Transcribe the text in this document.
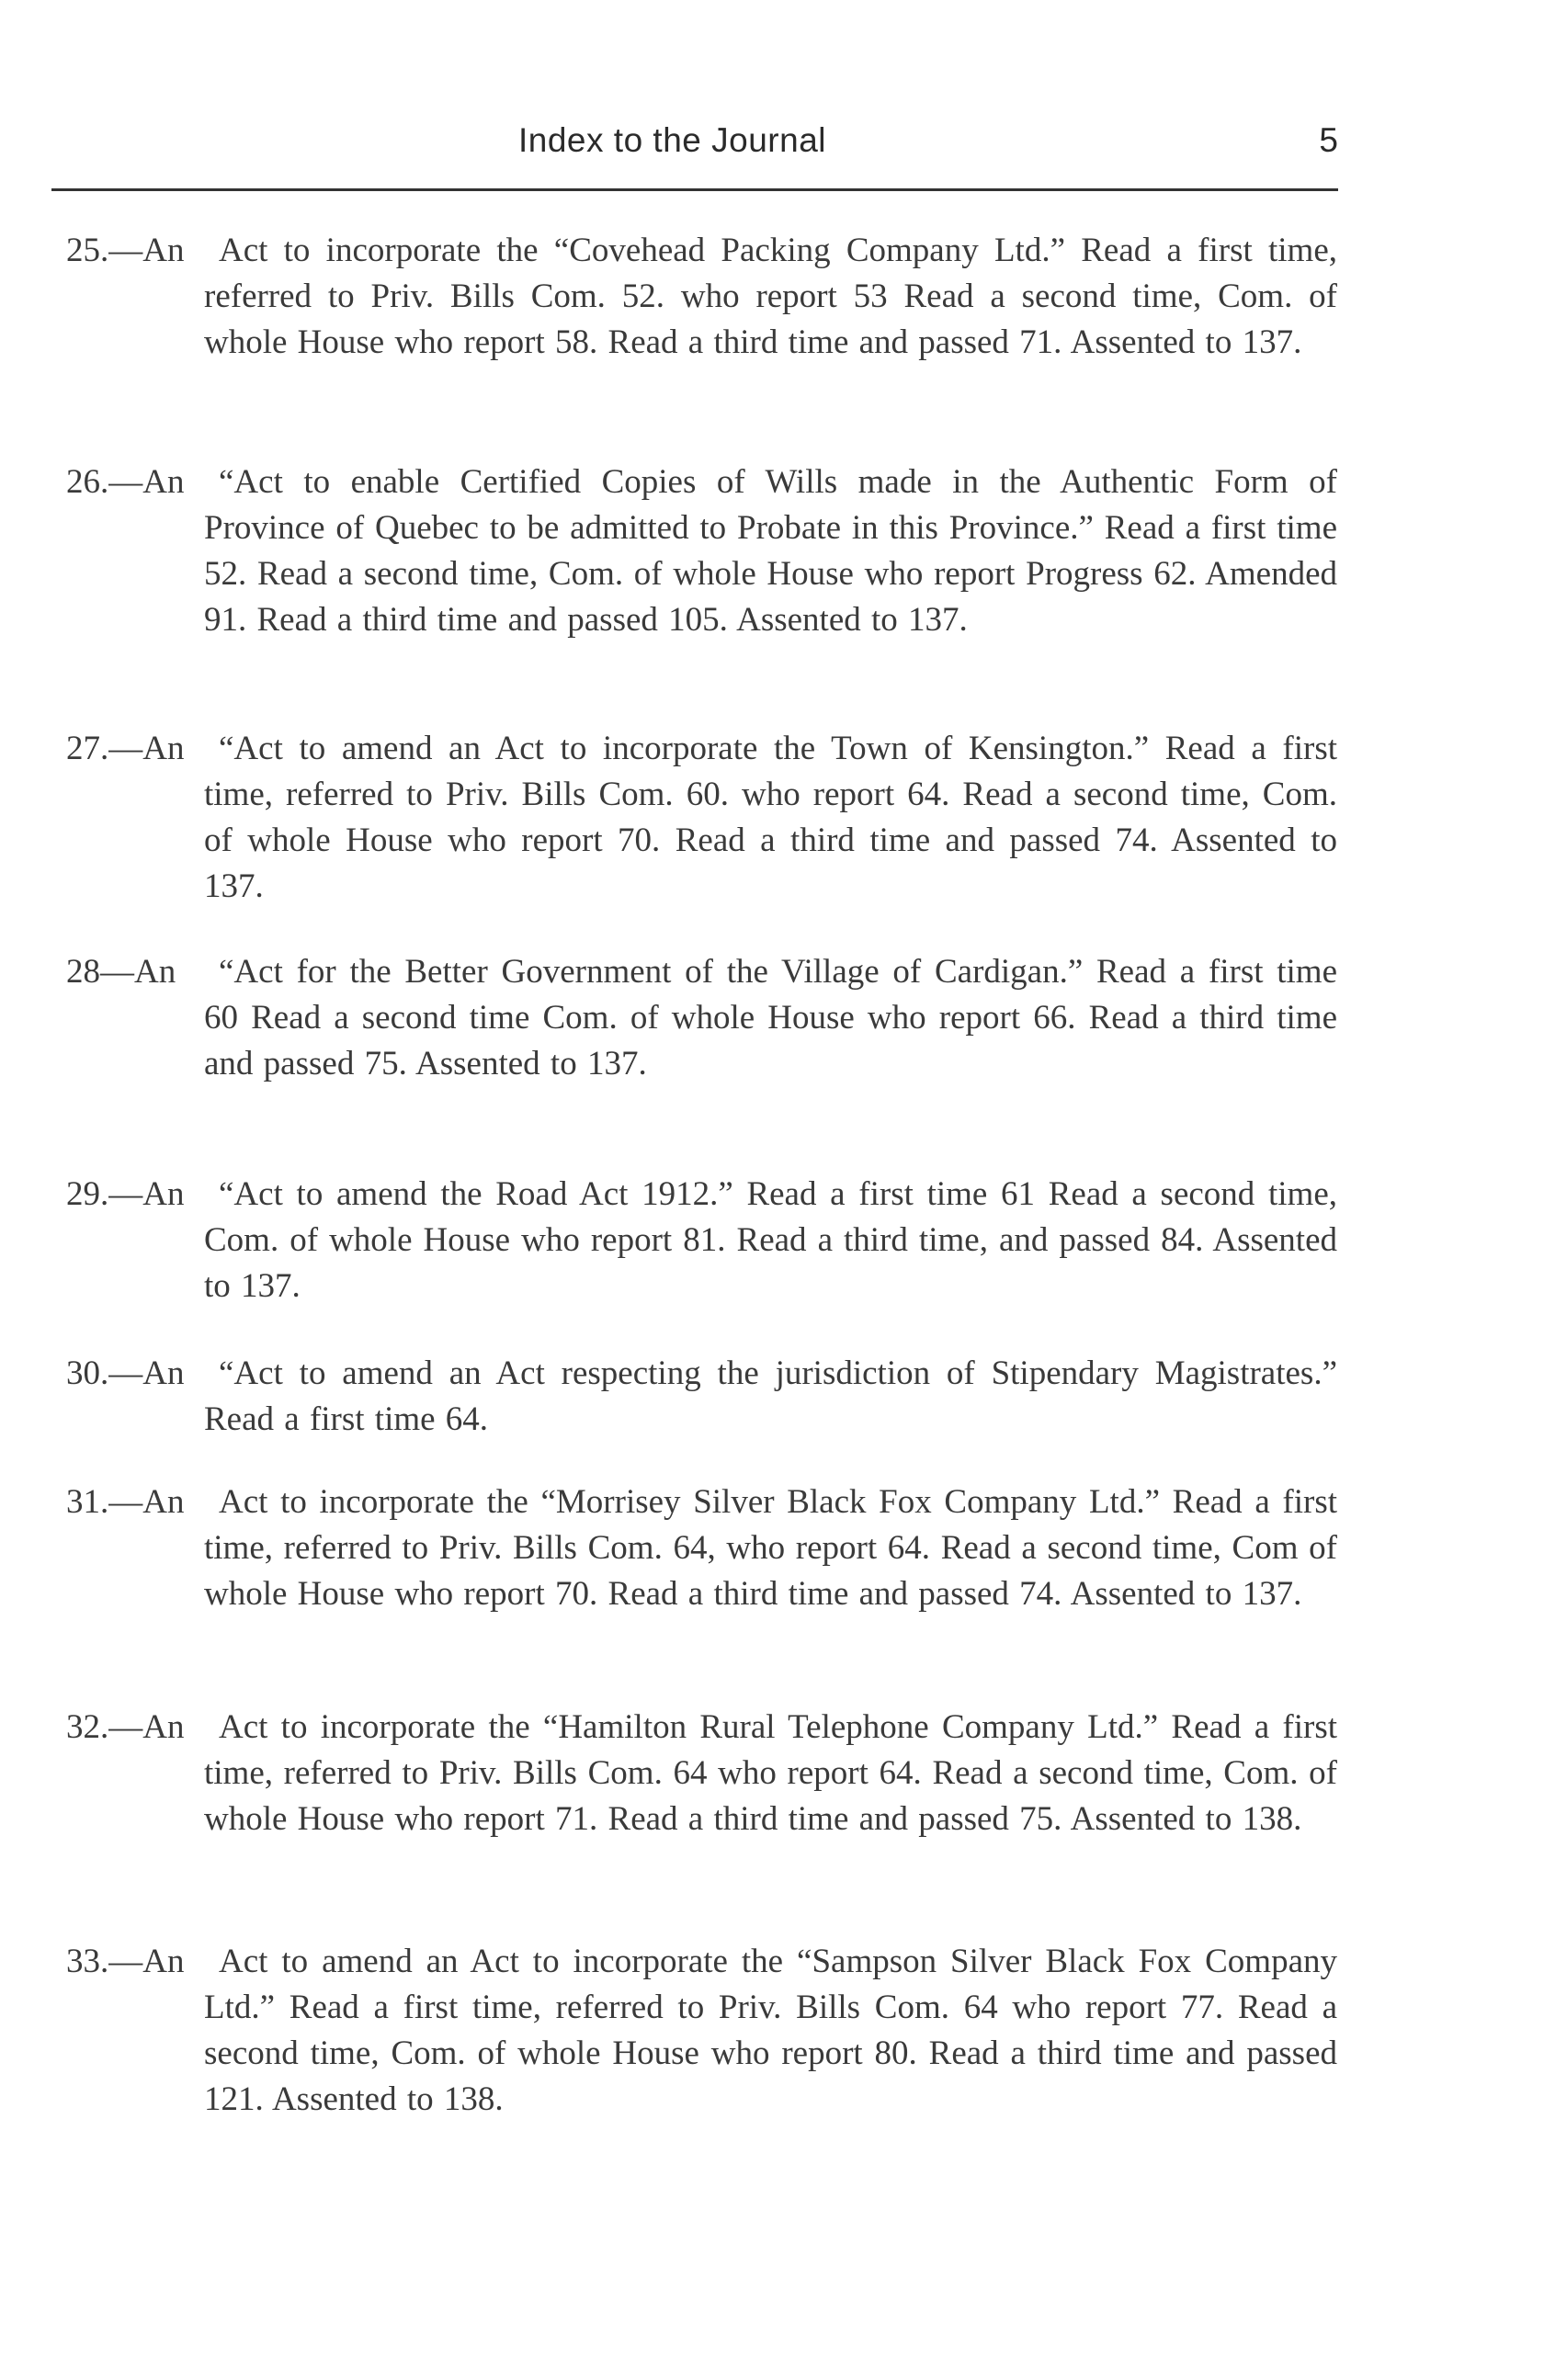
Index to the Journal	5
25.—An	Act to incorporate the “Covehead Packing Company Ltd.” Read a first time, referred to Priv. Bills Com. 52. who report 53 Read a second time, Com. of whole House who report 58. Read a third time and passed 71. Assented to 137.
26.—An	“Act to enable Certified Copies of Wills made in the Authentic Form of Province of Quebec to be admitted to Probate in this Province.” Read a first time 52. Read a second time, Com. of whole House who report Progress 62. Amended 91. Read a third time and passed 105. Assented to 137.
27.—An	“Act to amend an Act to incorporate the Town of Kensington.” Read a first time, referred to Priv. Bills Com. 60. who report 64. Read a second time, Com. of whole House who report 70. Read a third time and passed 74. Assented to 137.
28—An	“Act for the Better Government of the Village of Cardigan.” Read a first time 60 Read a second time Com. of whole House who report 66. Read a third time and passed 75. Assented to 137.
29.—An	“Act to amend the Road Act 1912.” Read a first time 61 Read a second time, Com. of whole House who report 81. Read a third time, and passed 84. Assented to 137.
30.—An	“Act to amend an Act respecting the jurisdiction of Stipendary Magistrates.” Read a first time 64.
31.—An	Act to incorporate the “Morrisey Silver Black Fox Company Ltd.” Read a first time, referred to Priv. Bills Com. 64, who report 64. Read a second time, Com of whole House who report 70. Read a third time and passed 74. Assented to 137.
32.—An	Act to incorporate the “Hamilton Rural Telephone Company Ltd.” Read a first time, referred to Priv. Bills Com. 64 who report 64. Read a second time, Com. of whole House who report 71. Read a third time and passed 75. Assented to 138.
33.—An	Act to amend an Act to incorporate the “Sampson Silver Black Fox Company Ltd.” Read a first time, referred to Priv. Bills Com. 64 who report 77. Read a second time, Com. of whole House who report 80. Read a third time and passed 121. Assented to 138.
